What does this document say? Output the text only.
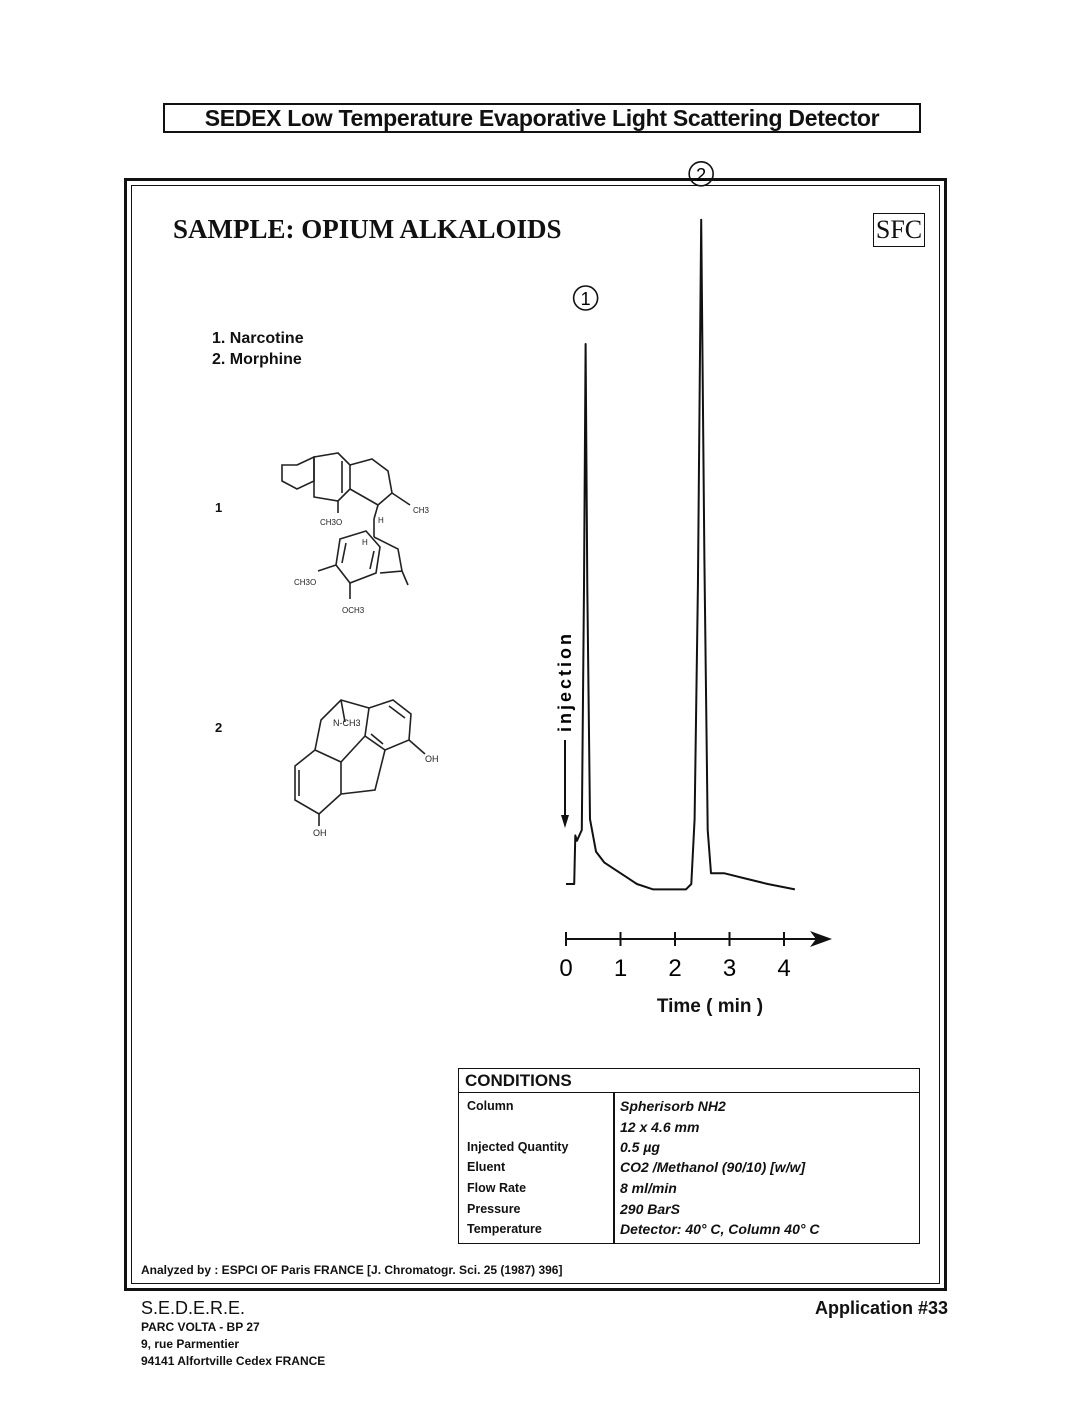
SEDEX Low Temperature Evaporative Light Scattering Detector
SAMPLE: OPIUM ALKALOIDS	SFC
1. Narcotine
2. Morphine
1
2
CH3
H
CH3O
H
CH3O
OCH3
N-CH3
OH
OH
1
2
injection
0 1 2 3 4
Time ( min )
CONDITIONS
Column	Spherisorb NH2
12 x 4.6 mm
Injected Quantity	0.5 µg
Eluent	CO2 /Methanol (90/10) [w/w]
Flow Rate	8 ml/min
Pressure	290 BarS
Temperature	Detector: 40° C, Column 40° C
Analyzed by : ESPCI OF Paris FRANCE [J. Chromatogr. Sci. 25 (1987) 396]
S.E.D.E.R.E.
PARC VOLTA - BP 27
9, rue Parmentier
94141 Alfortville Cedex FRANCE
Application #33
